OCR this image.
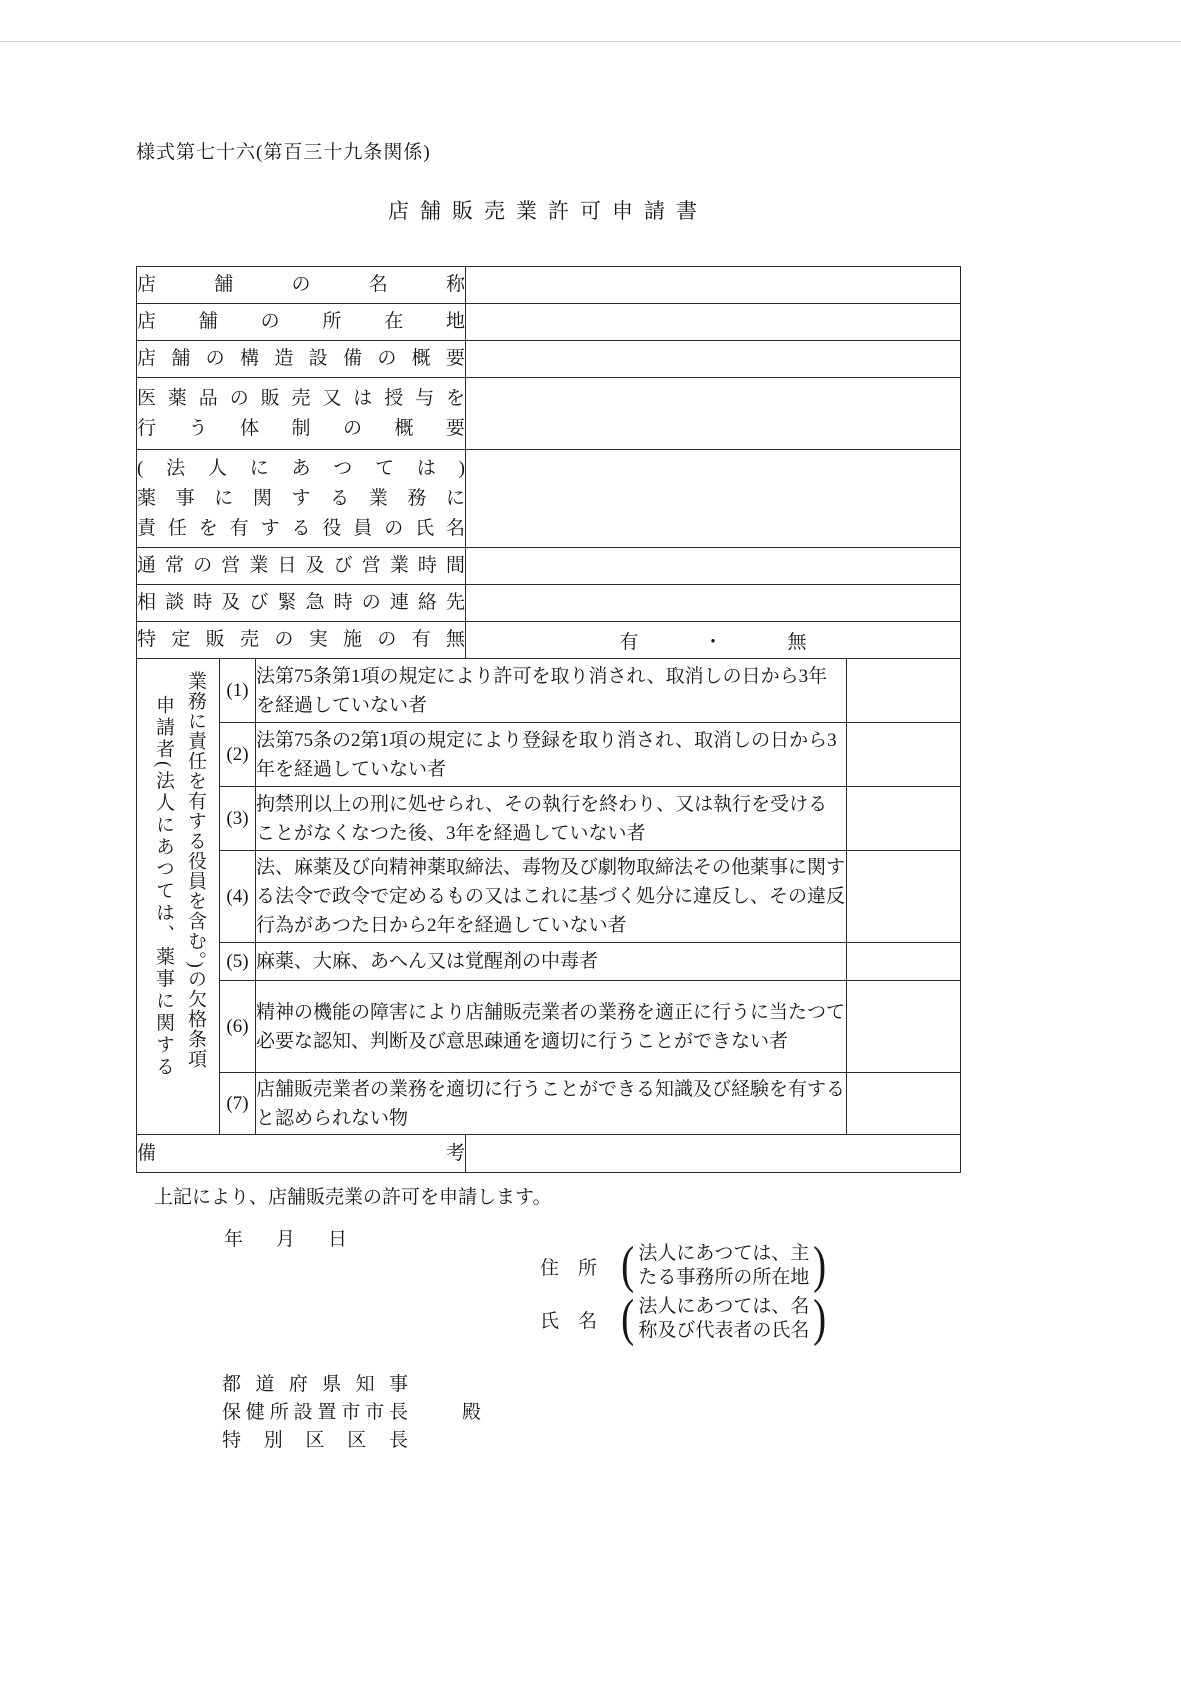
様式第七十六(第百三十九条関係)
店舗販売業許可申請書
店舗の名称				

店舗の所在地				

店舗の構造設備の概要				

医薬品の販売又は授与を
行う体制の概要				

(法人にあつては)
薬事に関する業務に
責任を有する役員の氏名				

通常の営業日及び営業時間				

相談時及び緊急時の連絡先				

特定販売の実施の有無			有 ・ 無	

申請者(法人にあつては、薬事に関する 業務に責任を有する役員を含む。)の欠格条項	(1)	法第75条第1項の規定により許可を取り消され、取消しの日から3年を経過していない者		
	(2)	法第75条の2第1項の規定により登録を取り消され、取消しの日から3年を経過していない者		
	(3)	拘禁刑以上の刑に処せられ、その執行を終わり、又は執行を受けることがなくなつた後、3年を経過していない者		
	(4)	法、麻薬及び向精神薬取締法、毒物及び劇物取締法その他薬事に関する法令で政令で定めるもの又はこれに基づく処分に違反し、その違反行為があつた日から2年を経過していない者		
	(5)	麻薬、大麻、あへん又は覚醒剤の中毒者		
	(6)	精神の機能の障害により店舗販売業者の業務を適正に行うに当たつて必要な認知、判断及び意思疎通を適切に行うことができない者		
	(7)	店舗販売業者の業務を適切に行うことができる知識及び経験を有すると認められない物		

備考				

上記により、店舗販売業の許可を申請します。
年 月 日
住　所 ( 法人にあつては、主
たる事務所の所在地 )
氏　名 ( 法人にあつては、名
称及び代表者の氏名 )
都道府県知事
保健所設置市市長	殿
特別区区長
